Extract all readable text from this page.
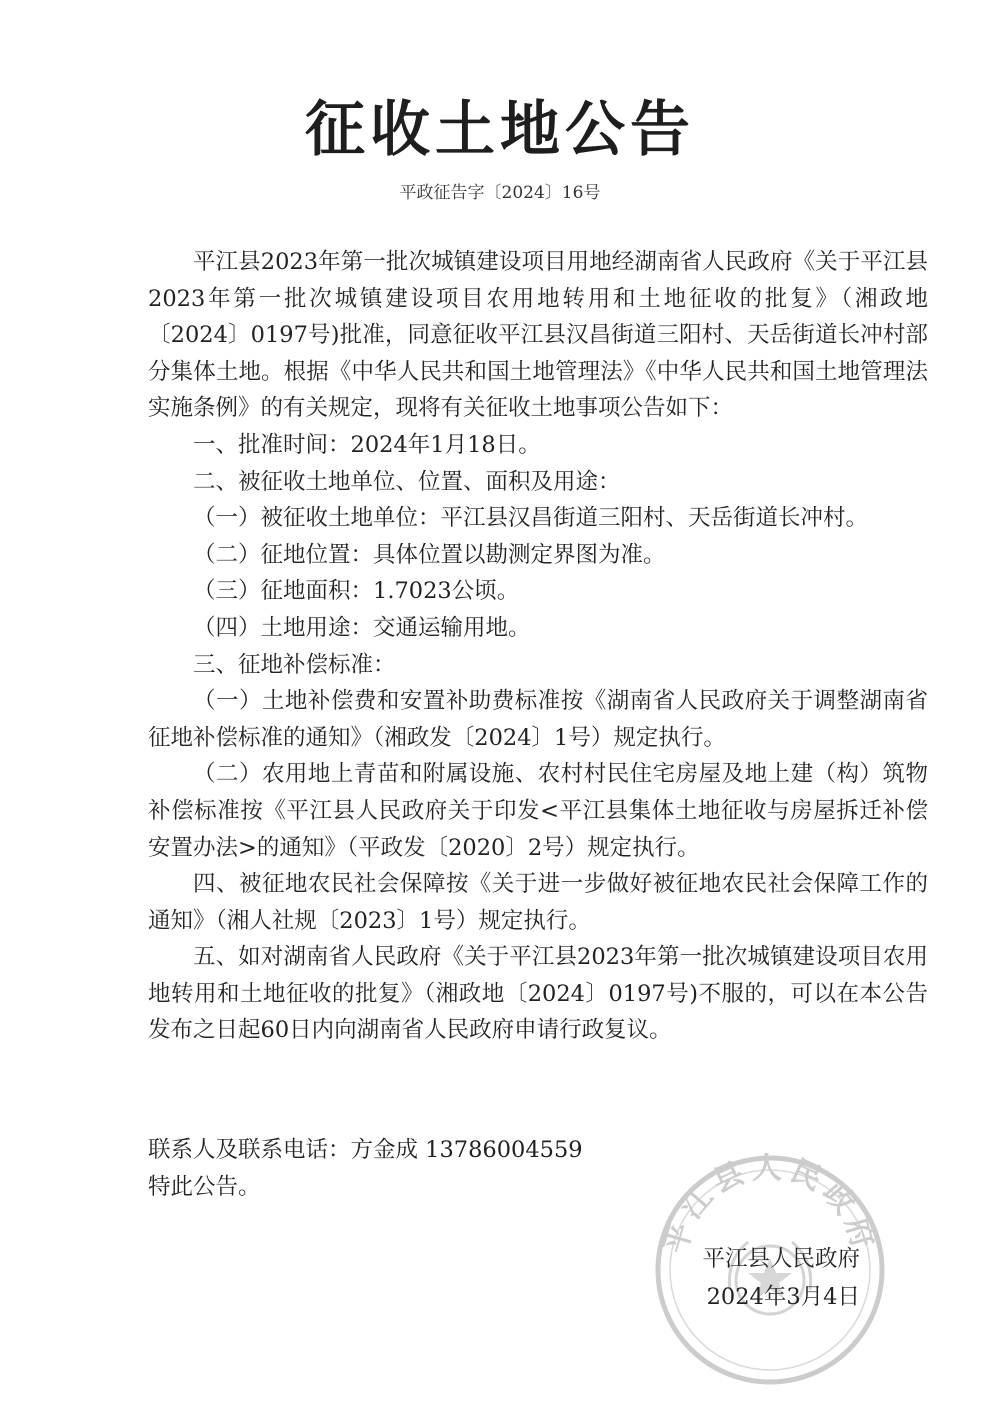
征收土地公告
平政征告字〔2024〕16号

平江县2023年第一批次城镇建设项目用地经湖南省人民政府《关于平江县2023年第一批次城镇建设项目农用地转用和土地征收的批复》（湘政地〔2024〕0197号)批准，同意征收平江县汉昌街道三阳村、天岳街道长冲村部分集体土地。根据《中华人民共和国土地管理法》《中华人民共和国土地管理法实施条例》的有关规定，现将有关征收土地事项公告如下：

一、批准时间：2024年1月18日。

二、被征收土地单位、位置、面积及用途：

（一）被征收土地单位：平江县汉昌街道三阳村、天岳街道长冲村。

（二）征地位置：具体位置以勘测定界图为准。

（三）征地面积：1.7023公顷。

（四）土地用途：交通运输用地。

三、征地补偿标准：

（一）土地补偿费和安置补助费标准按《湖南省人民政府关于调整湖南省征地补偿标准的通知》（湘政发〔2024〕1号）规定执行。

（二）农用地上青苗和附属设施、农村村民住宅房屋及地上建（构）筑物补偿标准按《平江县人民政府关于印发<平江县集体土地征收与房屋拆迁补偿安置办法>的通知》（平政发〔2020〕2号）规定执行。

四、被征地农民社会保障按《关于进一步做好被征地农民社会保障工作的通知》（湘人社规〔2023〕1号）规定执行。

五、如对湖南省人民政府《关于平江县2023年第一批次城镇建设项目农用地转用和土地征收的批复》（湘政地〔2024〕0197号)不服的，可以在本公告发布之日起60日内向湖南省人民政府申请行政复议。

联系人及联系电话：方金成 13786004559
特此公告。
平江县人民政府
平江县人民政府
2024年3月4日
